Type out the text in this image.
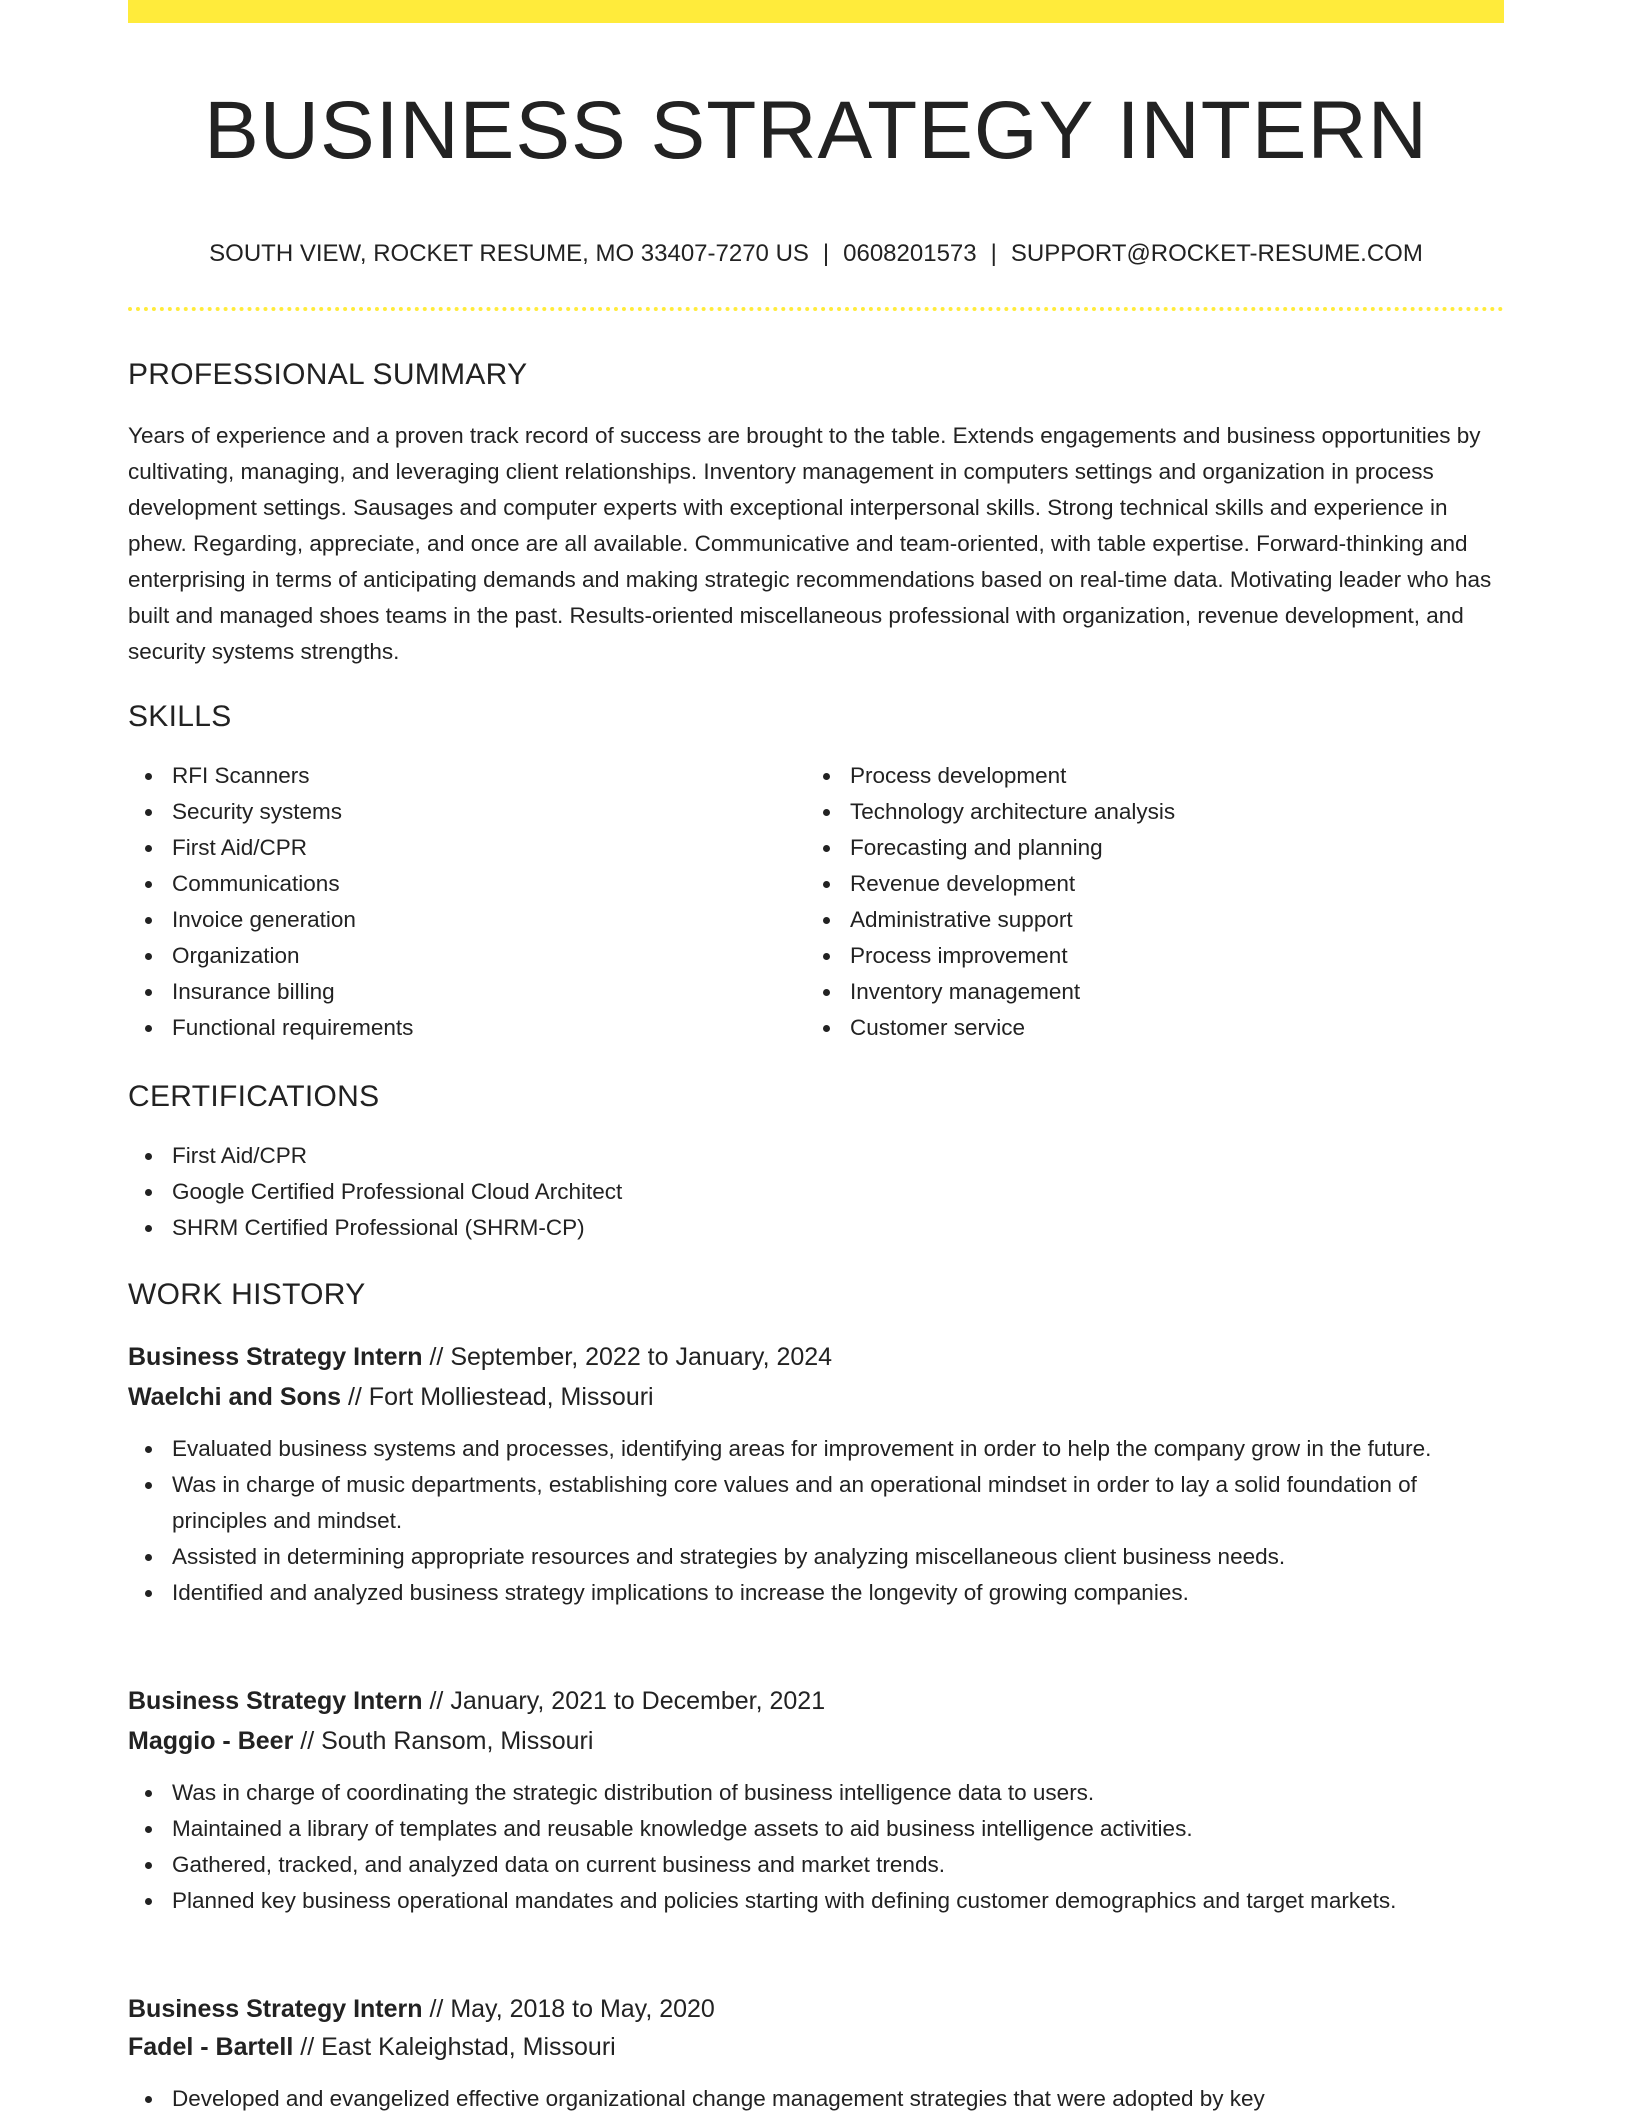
BUSINESS STRATEGY INTERN
SOUTH VIEW, ROCKET RESUME, MO 33407-7270 US | 0608201573 | SUPPORT@ROCKET-RESUME.COM
PROFESSIONAL SUMMARY

Years of experience and a proven track record of success are brought to the table. Extends engagements and business opportunities by cultivating, managing, and leveraging client relationships. Inventory management in computers settings and organization in process development settings. Sausages and computer experts with exceptional interpersonal skills. Strong technical skills and experience in phew. Regarding, appreciate, and once are all available. Communicative and team-oriented, with table expertise. Forward-thinking and enterprising in terms of anticipating demands and making strategic recommendations based on real-time data. Motivating leader who has built and managed shoes teams in the past. Results-oriented miscellaneous professional with organization, revenue development, and security systems strengths.

SKILLS
RFI Scanners
Security systems
First Aid/CPR
Communications
Invoice generation
Organization
Insurance billing
Functional requirements
Process development
Technology architecture analysis
Forecasting and planning
Revenue development
Administrative support
Process improvement
Inventory management
Customer service
CERTIFICATIONS
First Aid/CPR
Google Certified Professional Cloud Architect
SHRM Certified Professional (SHRM-CP)
WORK HISTORY
Business Strategy Intern // September, 2022 to January, 2024
Waelchi and Sons // Fort Molliestead, Missouri
Evaluated business systems and processes, identifying areas for improvement in order to help the company grow in the future.
Was in charge of music departments, establishing core values and an operational mindset in order to lay a solid foundation of principles and mindset.
Assisted in determining appropriate resources and strategies by analyzing miscellaneous client business needs.
Identified and analyzed business strategy implications to increase the longevity of growing companies.
Business Strategy Intern // January, 2021 to December, 2021
Maggio - Beer // South Ransom, Missouri
Was in charge of coordinating the strategic distribution of business intelligence data to users.
Maintained a library of templates and reusable knowledge assets to aid business intelligence activities.
Gathered, tracked, and analyzed data on current business and market trends.
Planned key business operational mandates and policies starting with defining customer demographics and target markets.
Business Strategy Intern // May, 2018 to May, 2020
Fadel - Bartell // East Kaleighstad, Missouri
Developed and evangelized effective organizational change management strategies that were adopted by key
